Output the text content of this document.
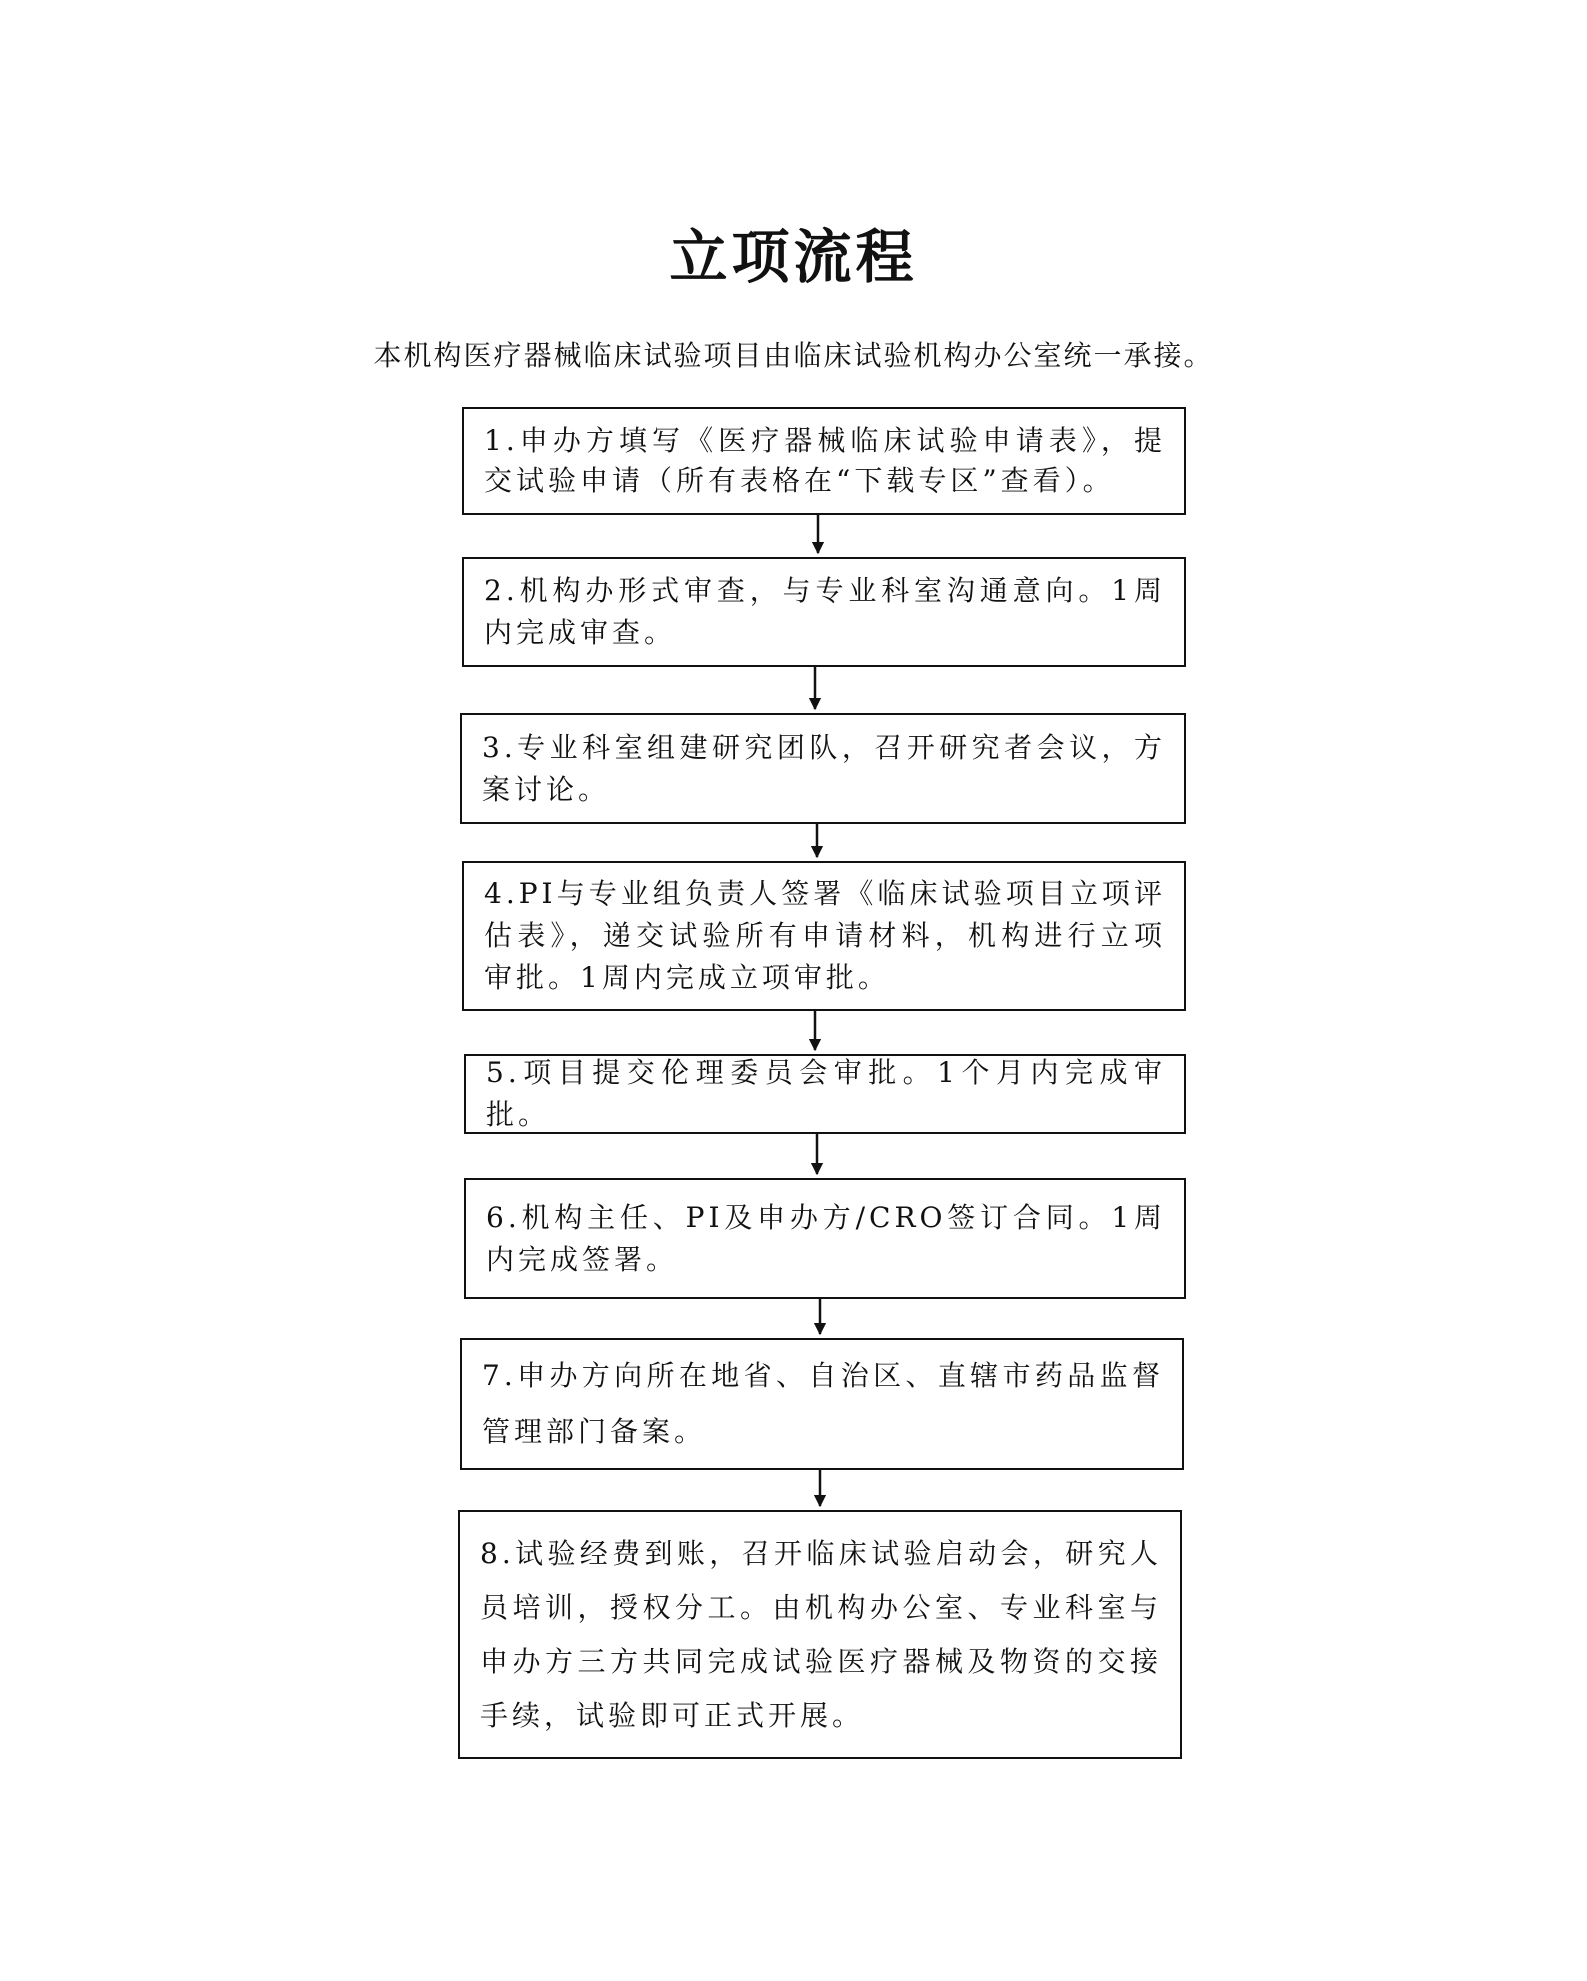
立项流程
本机构医疗器械临床试验项目由临床试验机构办公室统一承接。

1.申办方填写《医疗器械临床试验申请表》，提交试验申请（所有表格在“下载专区”查看）。

2.机构办形式审查，与专业科室沟通意向。1周内完成审查。

3.专业科室组建研究团队，召开研究者会议，方案讨论。

4.PI与专业组负责人签署《临床试验项目立项评估表》，递交试验所有申请材料，机构进行立项审批。1周内完成立项审批。

5.项目提交伦理委员会审批。1个月内完成审批。

6.机构主任、PI及申办方/CRO签订合同。1周内完成签署。

7.申办方向所在地省、自治区、直辖市药品监督管理部门备案。

8.试验经费到账，召开临床试验启动会，研究人员培训，授权分工。由机构办公室、专业科室与申办方三方共同完成试验医疗器械及物资的交接手续，试验即可正式开展。
